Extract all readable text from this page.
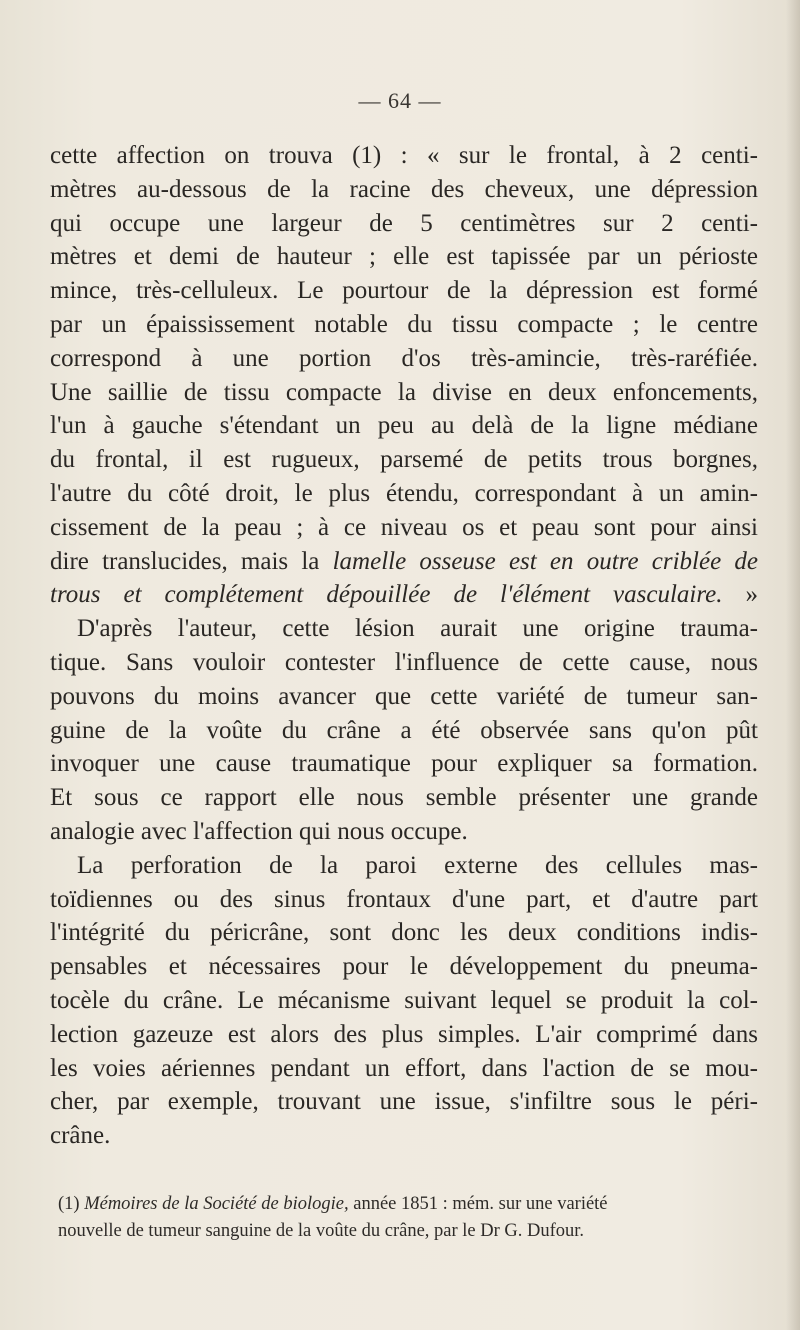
— 64 —
cette affection on trouva (1) : « sur le frontal, à 2 centi-
mètres au-dessous de la racine des cheveux, une dépression
qui occupe une largeur de 5 centimètres sur 2 centi-
mètres et demi de hauteur ; elle est tapissée par un périoste
mince, très-celluleux. Le pourtour de la dépression est formé
par un épaississement notable du tissu compacte ; le centre
correspond à une portion d'os très-amincie, très-raréfiée.
Une saillie de tissu compacte la divise en deux enfoncements,
l'un à gauche s'étendant un peu au delà de la ligne médiane
du frontal, il est rugueux, parsemé de petits trous borgnes,
l'autre du côté droit, le plus étendu, correspondant à un amin-
cissement de la peau ; à ce niveau os et peau sont pour ainsi
dire translucides, mais la lamelle osseuse est en outre criblée de
trous et complétement dépouillée de l'élément vasculaire. »
D'après l'auteur, cette lésion aurait une origine trauma-
tique. Sans vouloir contester l'influence de cette cause, nous
pouvons du moins avancer que cette variété de tumeur san-
guine de la voûte du crâne a été observée sans qu'on pût
invoquer une cause traumatique pour expliquer sa formation.
Et sous ce rapport elle nous semble présenter une grande
analogie avec l'affection qui nous occupe.
La perforation de la paroi externe des cellules mas-
toïdiennes ou des sinus frontaux d'une part, et d'autre part
l'intégrité du péricrâne, sont donc les deux conditions indis-
pensables et nécessaires pour le développement du pneuma-
tocèle du crâne. Le mécanisme suivant lequel se produit la col-
lection gazeuze est alors des plus simples. L'air comprimé dans
les voies aériennes pendant un effort, dans l'action de se mou-
cher, par exemple, trouvant une issue, s'infiltre sous le péri-
crâne.
(1) Mémoires de la Société de biologie, année 1851 : mém. sur une variété
nouvelle de tumeur sanguine de la voûte du crâne, par le Dr G. Dufour.
